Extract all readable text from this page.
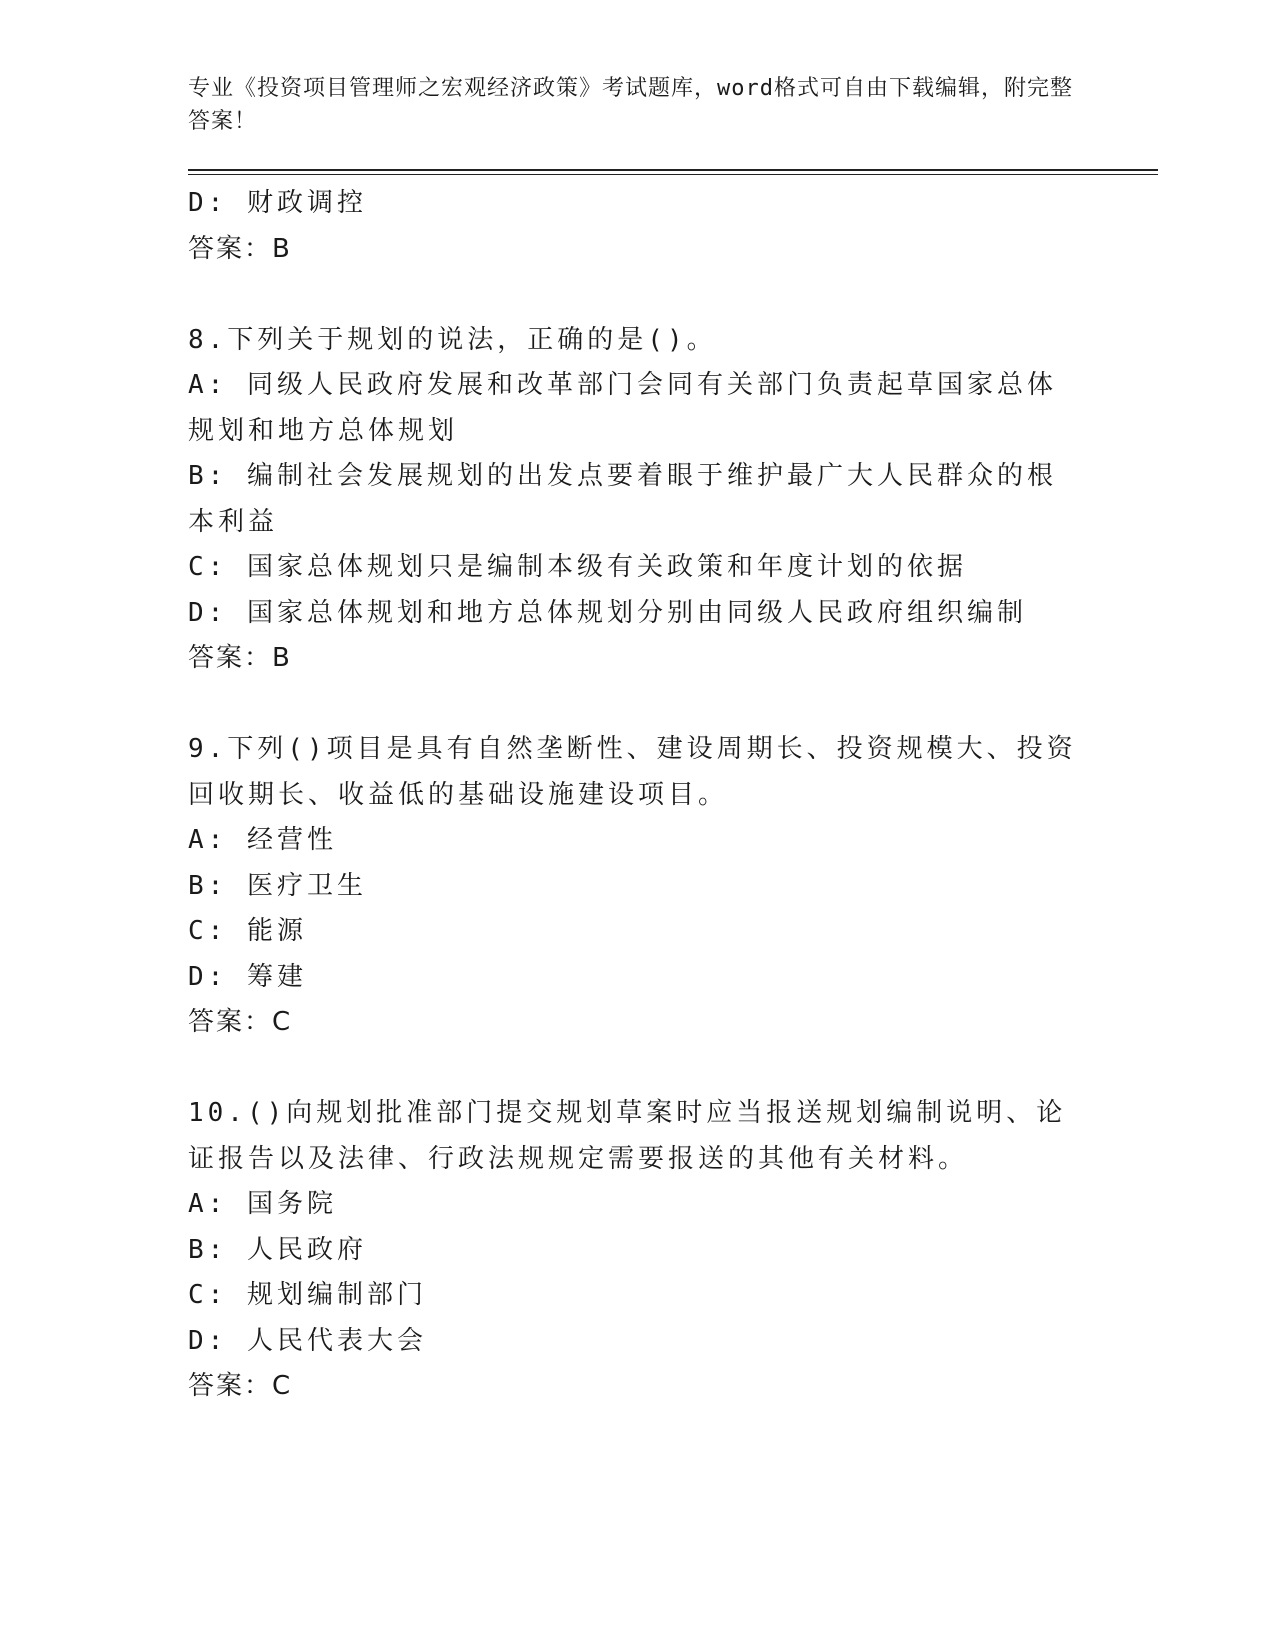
专业《投资项目管理师之宏观经济政策》考试题库，word格式可自由下载编辑，附完整答案！

D: 财政调控

答案：B

8.下列关于规划的说法，正确的是()。

A: 同级人民政府发展和改革部门会同有关部门负责起草国家总体规划和地方总体规划

B: 编制社会发展规划的出发点要着眼于维护最广大人民群众的根本利益

C: 国家总体规划只是编制本级有关政策和年度计划的依据

D: 国家总体规划和地方总体规划分别由同级人民政府组织编制

答案：B

9.下列()项目是具有自然垄断性、建设周期长、投资规模大、投资回收期长、收益低的基础设施建设项目。

A: 经营性

B: 医疗卫生

C: 能源

D: 筹建

答案：C

10.()向规划批准部门提交规划草案时应当报送规划编制说明、论证报告以及法律、行政法规规定需要报送的其他有关材料。

A: 国务院

B: 人民政府

C: 规划编制部门

D: 人民代表大会

答案：C
